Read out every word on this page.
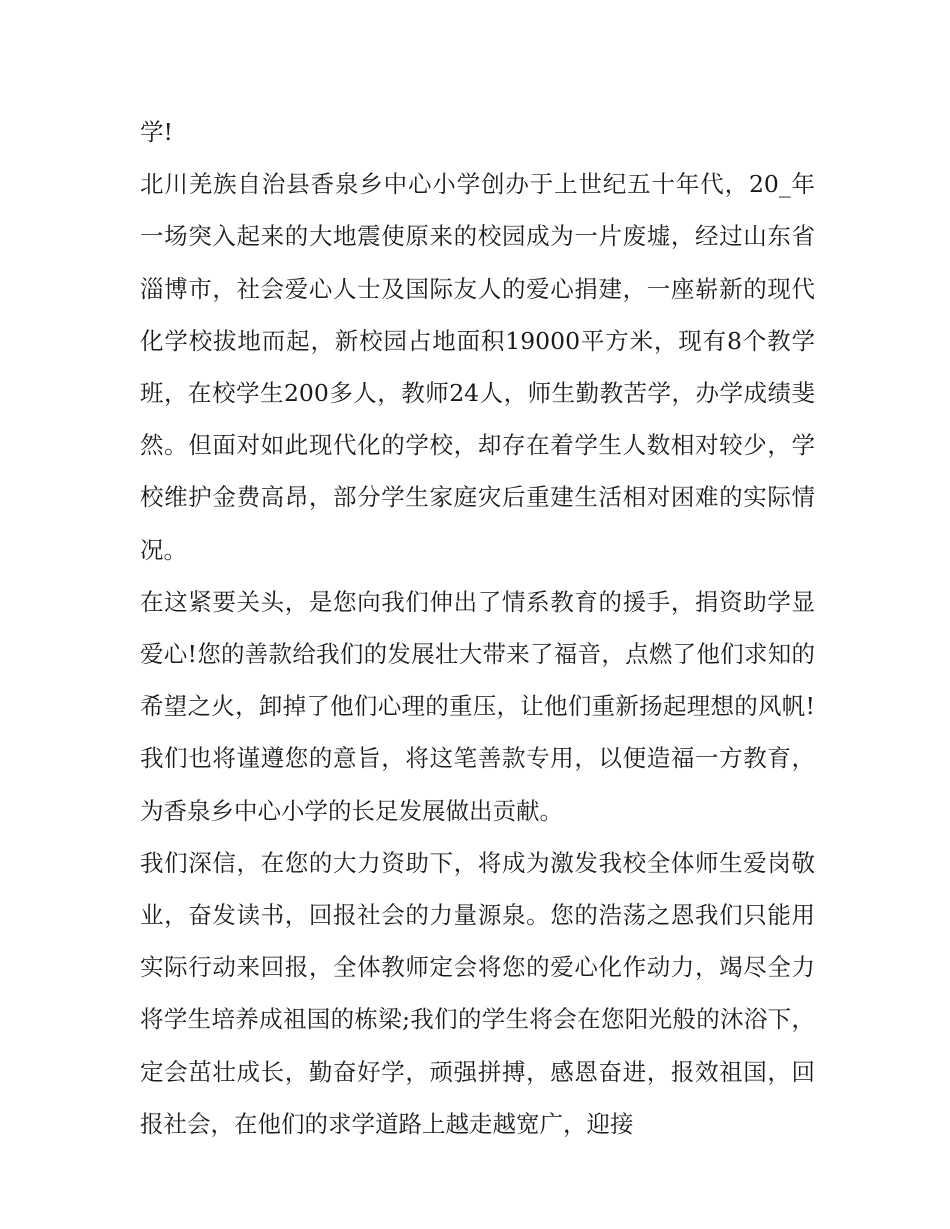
学!

北川羌族自治县香泉乡中心小学创办于上世纪五十年代，20_年一场突入起来的大地震使原来的校园成为一片废墟，经过山东省淄博市，社会爱心人士及国际友人的爱心捐建，一座崭新的现代化学校拔地而起，新校园占地面积19000平方米，现有8个教学班，在校学生200多人，教师24人，师生勤教苦学，办学成绩斐然。但面对如此现代化的学校，却存在着学生人数相对较少，学校维护金费高昂，部分学生家庭灾后重建生活相对困难的实际情况。

在这紧要关头，是您向我们伸出了情系教育的援手，捐资助学显爱心!您的善款给我们的发展壮大带来了福音，点燃了他们求知的希望之火，卸掉了他们心理的重压，让他们重新扬起理想的风帆!我们也将谨遵您的意旨，将这笔善款专用，以便造福一方教育，为香泉乡中心小学的长足发展做出贡献。

我们深信，在您的大力资助下，将成为激发我校全体师生爱岗敬业，奋发读书，回报社会的力量源泉。您的浩荡之恩我们只能用实际行动来回报，全体教师定会将您的爱心化作动力，竭尽全力将学生培养成祖国的栋梁;我们的学生将会在您阳光般的沐浴下，定会茁壮成长，勤奋好学，顽强拼搏，感恩奋进，报效祖国，回报社会，在他们的求学道路上越走越宽广，迎接
